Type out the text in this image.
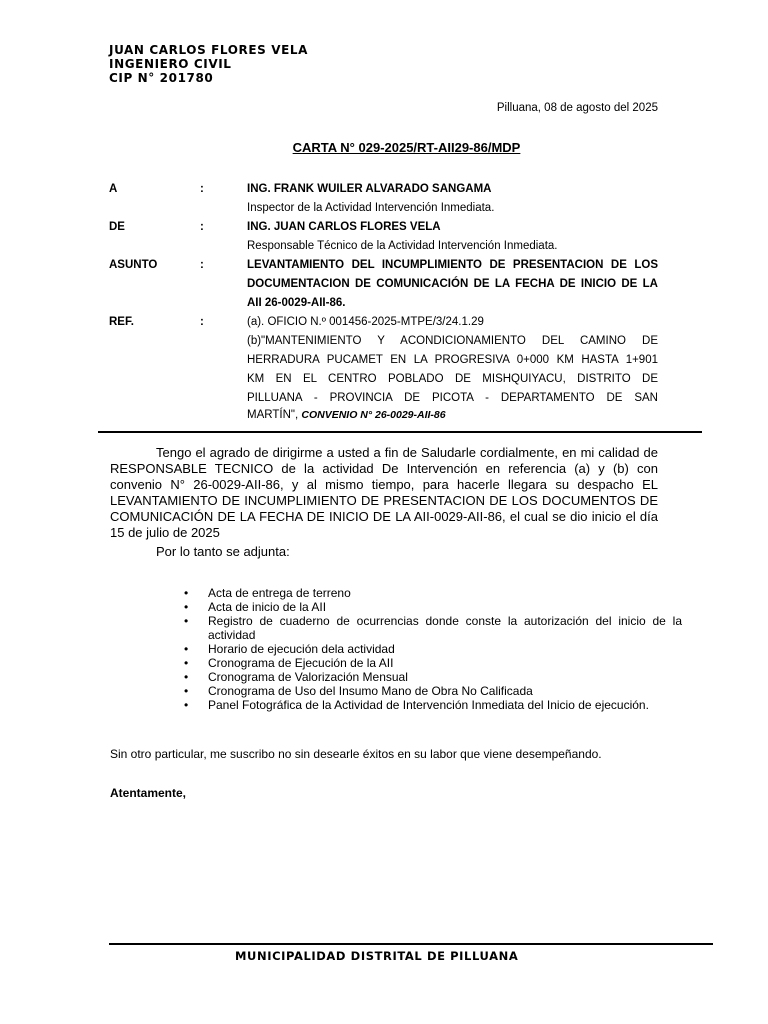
JUAN CARLOS FLORES VELA
INGENIERO CIVIL
CIP N° 201780
Pilluana, 08 de agosto del 2025
CARTA N° 029-2025/RT-AII29-86/MDP
A	:	ING. FRANK WUILER ALVARADO SANGAMA
Inspector de la Actividad Intervención Inmediata.
DE	:	ING. JUAN CARLOS FLORES VELA
Responsable Técnico de la Actividad Intervención Inmediata.
ASUNTO	:	LEVANTAMIENTO DEL INCUMPLIMIENTO DE PRESENTACION DE LOS
DOCUMENTACION DE COMUNICACIÓN DE LA FECHA DE INICIO DE LA
AII 26-0029-AII-86.
REF.	:	(a). OFICIO N.º 001456-2025-MTPE/3/24.1.29
(b)"MANTENIMIENTO Y ACONDICIONAMIENTO DEL CAMINO DE
HERRADURA PUCAMET EN LA PROGRESIVA 0+000 KM HASTA 1+901
KM EN EL CENTRO POBLADO DE MISHQUIYACU, DISTRITO DE
PILLUANA - PROVINCIA DE PICOTA - DEPARTAMENTO DE SAN
MARTÍN", CONVENIO N° 26-0029-AII-86
Tengo el agrado de dirigirme a usted a fin de Saludarle cordialmente, en mi calidad de RESPONSABLE TECNICO de la actividad De Intervención en referencia (a) y (b) con convenio N° 26-0029-AII-86, y al mismo tiempo, para hacerle llegara su despacho EL LEVANTAMIENTO DE INCUMPLIMIENTO DE PRESENTACION DE LOS DOCUMENTOS DE COMUNICACIÓN DE LA FECHA DE INICIO DE LA AII-0029-AII-86, el cual se dio inicio el día 15 de julio de 2025
Por lo tanto se adjunta:
• Acta de entrega de terreno
• Acta de inicio de la AII
• Registro de cuaderno de ocurrencias donde conste la autorización del inicio de la actividad
• Horario de ejecución dela actividad
• Cronograma de Ejecución de la AII
• Cronograma de Valorización Mensual
• Cronograma de Uso del Insumo Mano de Obra No Calificada
• Panel Fotográfica de la Actividad de Intervención Inmediata del Inicio de ejecución.
Sin otro particular, me suscribo no sin desearle éxitos en su labor que viene desempeñando.
Atentamente,
MUNICIPALIDAD DISTRITAL DE PILLUANA
